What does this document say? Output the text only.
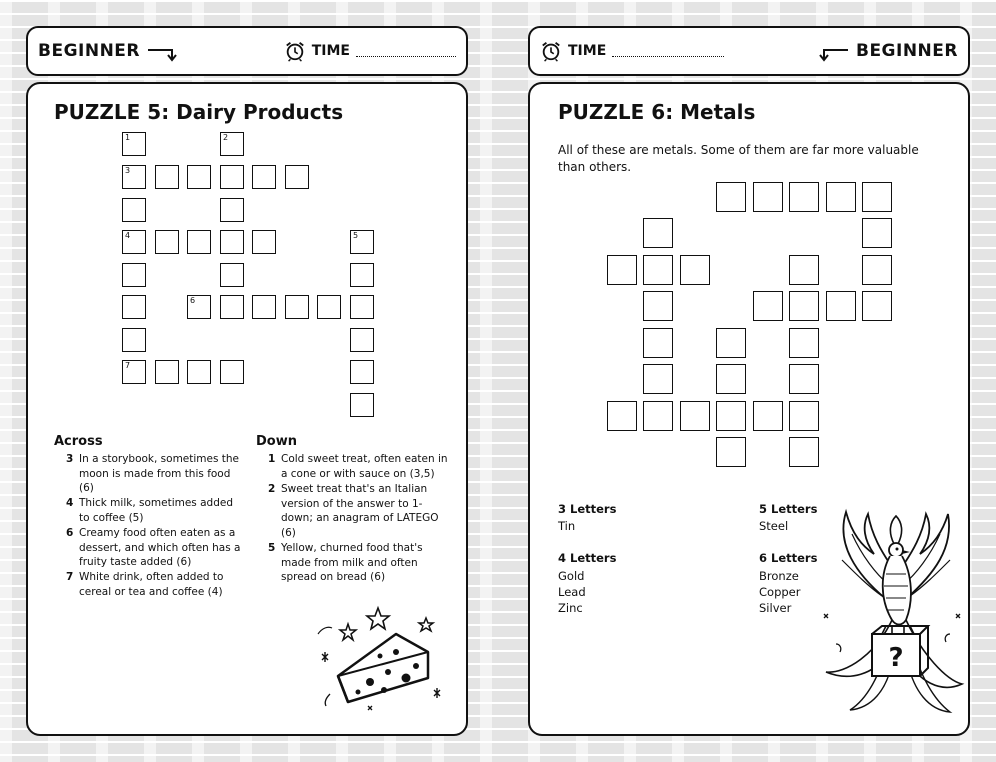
BEGINNER	TIME	TIME	BEGINNER
PUZZLE 5: Dairy Products
1	2
3
4	5
6
7
Across
3 In a storybook, sometimes the moon is made from this food (6)
4 Thick milk, sometimes added to coffee (5)
6 Creamy food often eaten as a dessert, and which often has a fruity taste added (6)
7 White drink, often added to cereal or tea and coffee (4)
Down
1 Cold sweet treat, often eaten in a cone or with sauce on (3,5)
2 Sweet treat that's an Italian version of the answer to 1-down; an anagram of LATEGO (6)
5 Yellow, churned food that's made from milk and often spread on bread (6)
PUZZLE 6: Metals
All of these are metals. Some of them are far more valuable than others.
3 Letters
Tin
4 Letters
Gold
Lead
Zinc
5 Letters
Steel
6 Letters
Bronze
Copper
Silver
?
